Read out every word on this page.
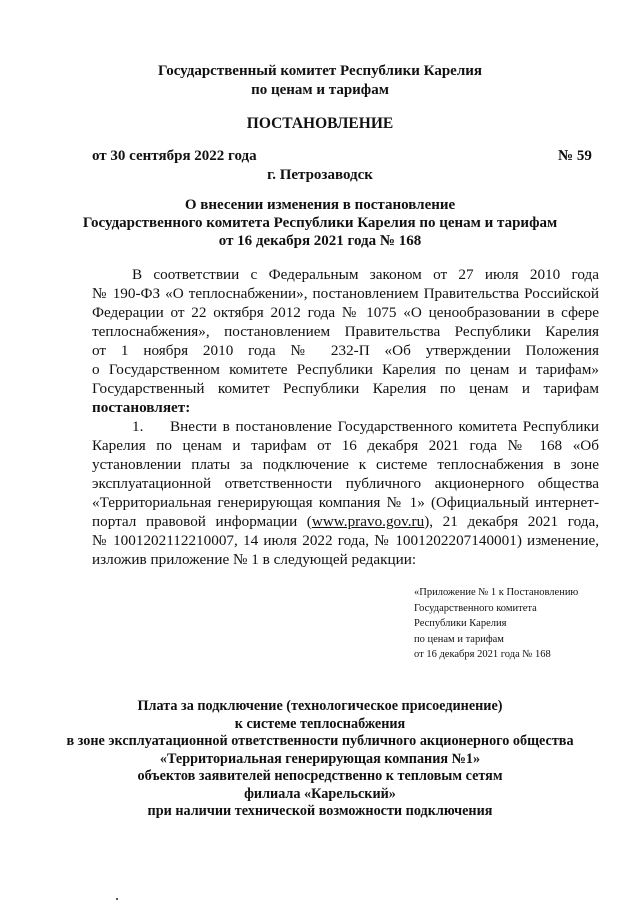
Государственный комитет Республики Карелия
по ценам и тарифам
ПОСТАНОВЛЕНИЕ
от 30 сентября 2022 года	№ 59
г. Петрозаводск
О внесении изменения в постановление
Государственного комитета Республики Карелия по ценам и тарифам
от 16 декабря 2021 года № 168
В соответствии с Федеральным законом от 27 июля 2010 года
№ 190-ФЗ «О теплоснабжении», постановлением Правительства Российской
Федерации от 22 октября 2012 года № 1075 «О ценообразовании в сфере
теплоснабжения», постановлением Правительства Республики Карелия
от 1 ноября 2010 года № 232-П «Об утверждении Положения
о Государственном комитете Республики Карелия по ценам и тарифам»
Государственный комитет Республики Карелия по ценам и тарифам
постановляет:
1. Внести в постановление Государственного комитета Республики
Карелия по ценам и тарифам от 16 декабря 2021 года № 168 «Об
установлении платы за подключение к системе теплоснабжения в зоне
эксплуатационной ответственности публичного акционерного общества
«Территориальная генерирующая компания № 1» (Официальный интернет-
портал правовой информации (www.pravo.gov.ru), 21 декабря 2021 года,
№ 1001202112210007, 14 июля 2022 года, № 1001202207140001) изменение,
изложив приложение № 1 в следующей редакции:
«Приложение № 1 к Постановлению
Государственного комитета
Республики Карелия
по ценам и тарифам
от 16 декабря 2021 года № 168
Плата за подключение (технологическое присоединение)
к системе теплоснабжения
в зоне эксплуатационной ответственности публичного акционерного общества
«Территориальная генерирующая компания №1»
объектов заявителей непосредственно к тепловым сетям
филиала «Карельский»
при наличии технической возможности подключения
